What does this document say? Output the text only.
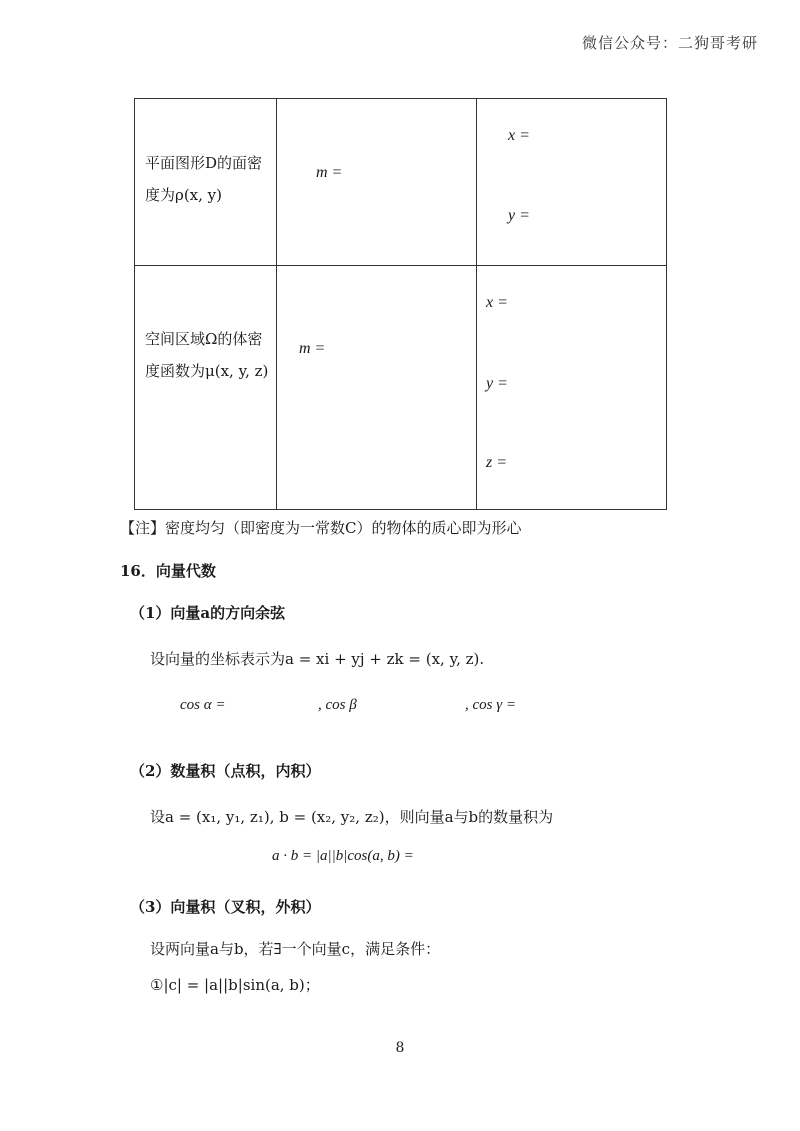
微信公众号：二狗哥考研
平面图形D的面密
度为ρ(x, y)
m =
x =
y =
空间区域Ω的体密
度函数为μ(x, y, z)
m =
x =
y =
z =
【注】密度均匀（即密度为一常数C）的物体的质心即为形心
16．向量代数
（1）向量a的方向余弦
设向量的坐标表示为a = xi + yj + zk = (x, y, z).
cos α =	, cos β	, cos γ =
（2）数量积（点积，内积）
设a = (x₁, y₁, z₁), b = (x₂, y₂, z₂)，则向量a与b的数量积为
a · b = |a||b|cos(a, b) =
（3）向量积（叉积，外积）
设两向量a与b，若∃一个向量c，满足条件：
①|c| = |a||b|sin(a, b)；
8
